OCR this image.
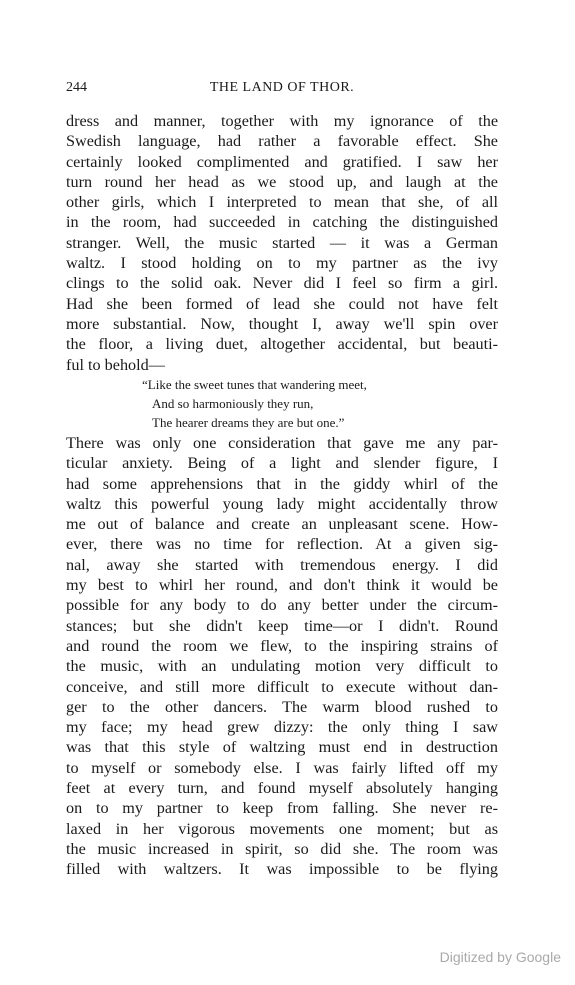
244	THE LAND OF THOR.
dress and manner, together with my ignorance of the
Swedish language, had rather a favorable effect. She
certainly looked complimented and gratified. I saw her
turn round her head as we stood up, and laugh at the
other girls, which I interpreted to mean that she, of all
in the room, had succeeded in catching the distinguished
stranger. Well, the music started — it was a German
waltz. I stood holding on to my partner as the ivy
clings to the solid oak. Never did I feel so firm a girl.
Had she been formed of lead she could not have felt
more substantial. Now, thought I, away we'll spin over
the floor, a living duet, altogether accidental, but beauti-
ful to behold—
“Like the sweet tunes that wandering meet,
And so harmoniously they run,
The hearer dreams they are but one.”
There was only one consideration that gave me any par-
ticular anxiety. Being of a light and slender figure, I
had some apprehensions that in the giddy whirl of the
waltz this powerful young lady might accidentally throw
me out of balance and create an unpleasant scene. How-
ever, there was no time for reflection. At a given sig-
nal, away she started with tremendous energy. I did
my best to whirl her round, and don't think it would be
possible for any body to do any better under the circum-
stances; but she didn't keep time—or I didn't. Round
and round the room we flew, to the inspiring strains of
the music, with an undulating motion very difficult to
conceive, and still more difficult to execute without dan-
ger to the other dancers. The warm blood rushed to
my face; my head grew dizzy: the only thing I saw
was that this style of waltzing must end in destruction
to myself or somebody else. I was fairly lifted off my
feet at every turn, and found myself absolutely hanging
on to my partner to keep from falling. She never re-
laxed in her vigorous movements one moment; but as
the music increased in spirit, so did she. The room was
filled with waltzers. It was impossible to be flying
Digitized by Google
